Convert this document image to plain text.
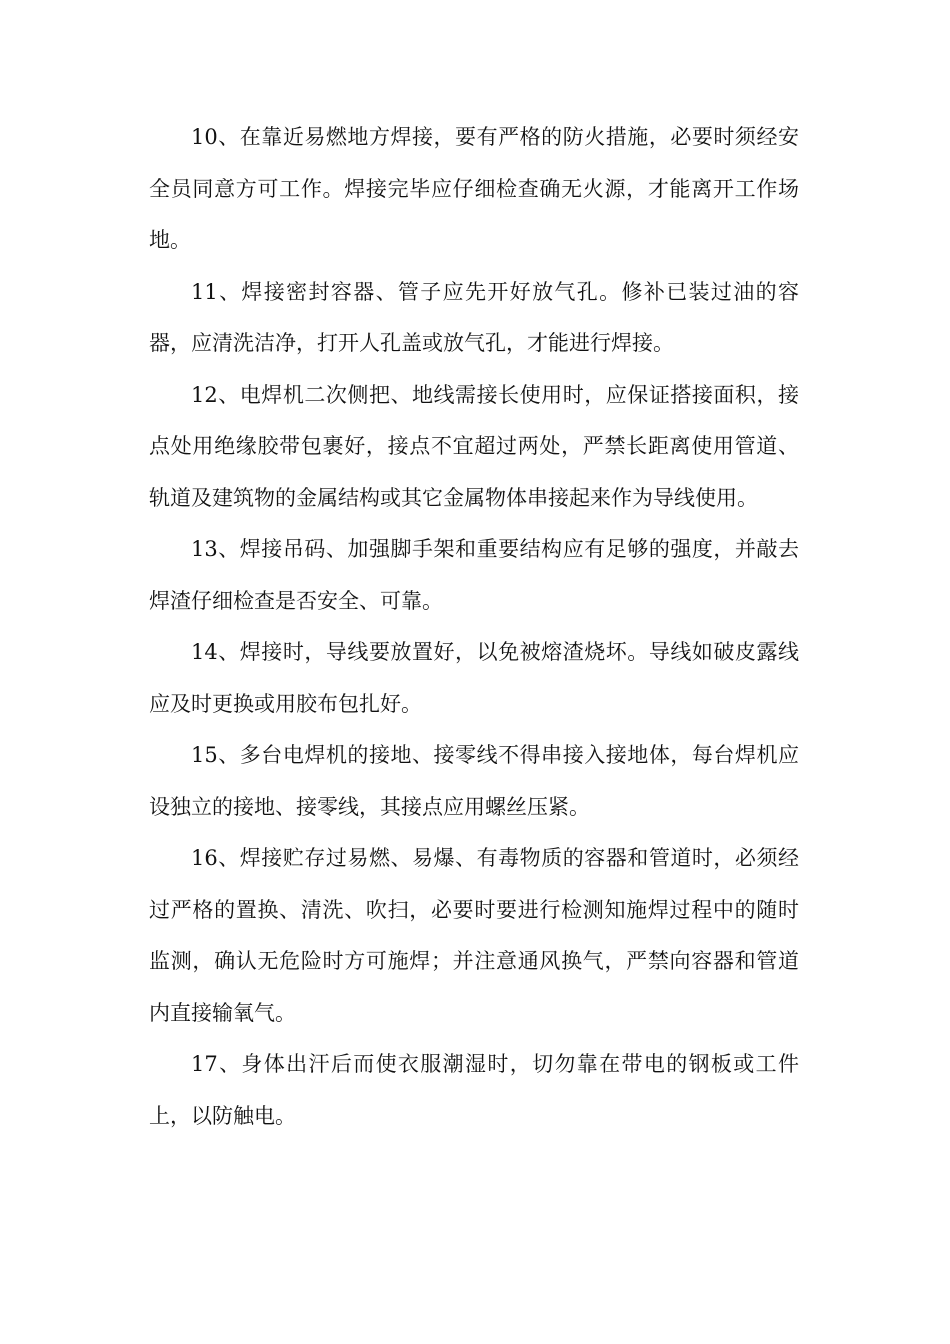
10、在靠近易燃地方焊接，要有严格的防火措施，必要时须经安全员同意方可工作。焊接完毕应仔细检查确无火源，才能离开工作场地。

11、焊接密封容器、管子应先开好放气孔。修补已装过油的容器，应清洗洁净，打开人孔盖或放气孔，才能进行焊接。

12、电焊机二次侧把、地线需接长使用时，应保证搭接面积，接点处用绝缘胶带包裹好，接点不宜超过两处，严禁长距离使用管道、轨道及建筑物的金属结构或其它金属物体串接起来作为导线使用。

13、焊接吊码、加强脚手架和重要结构应有足够的强度，并敲去焊渣仔细检查是否安全、可靠。

14、焊接时，导线要放置好，以免被熔渣烧坏。导线如破皮露线应及时更换或用胶布包扎好。

15、多台电焊机的接地、接零线不得串接入接地体，每台焊机应设独立的接地、接零线，其接点应用螺丝压紧。

16、焊接贮存过易燃、易爆、有毒物质的容器和管道时，必须经过严格的置换、清洗、吹扫，必要时要进行检测知施焊过程中的随时监测，确认无危险时方可施焊；并注意通风换气，严禁向容器和管道内直接输氧气。

17、身体出汗后而使衣服潮湿时，切勿靠在带电的钢板或工件上，以防触电。
